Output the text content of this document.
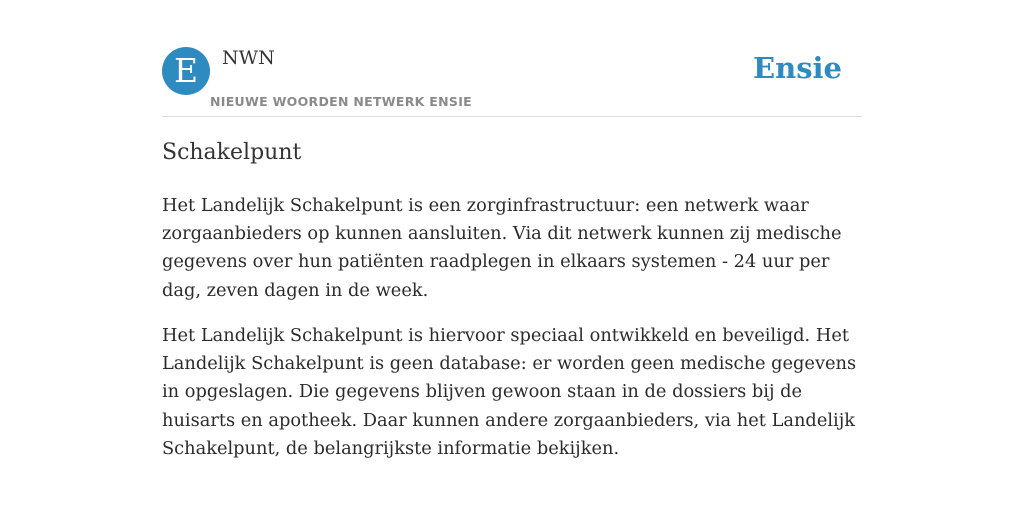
E	NWN
NIEUWE WOORDEN NETWERK ENSIE
Ensie
Schakelpunt

Het Landelijk Schakelpunt is een zorginfrastructuur: een netwerk waar zorgaanbieders op kunnen aansluiten. Via dit netwerk kunnen zij medische gegevens over hun patiënten raadplegen in elkaars systemen - 24 uur per dag, zeven dagen in de week.

Het Landelijk Schakelpunt is hiervoor speciaal ontwikkeld en beveiligd. Het Landelijk Schakelpunt is geen database: er worden geen medische gegevens in opgeslagen. Die gegevens blijven gewoon staan in de dossiers bij de huisarts en apotheek. Daar kunnen andere zorgaanbieders, via het Landelijk Schakelpunt, de belangrijkste informatie bekijken.
